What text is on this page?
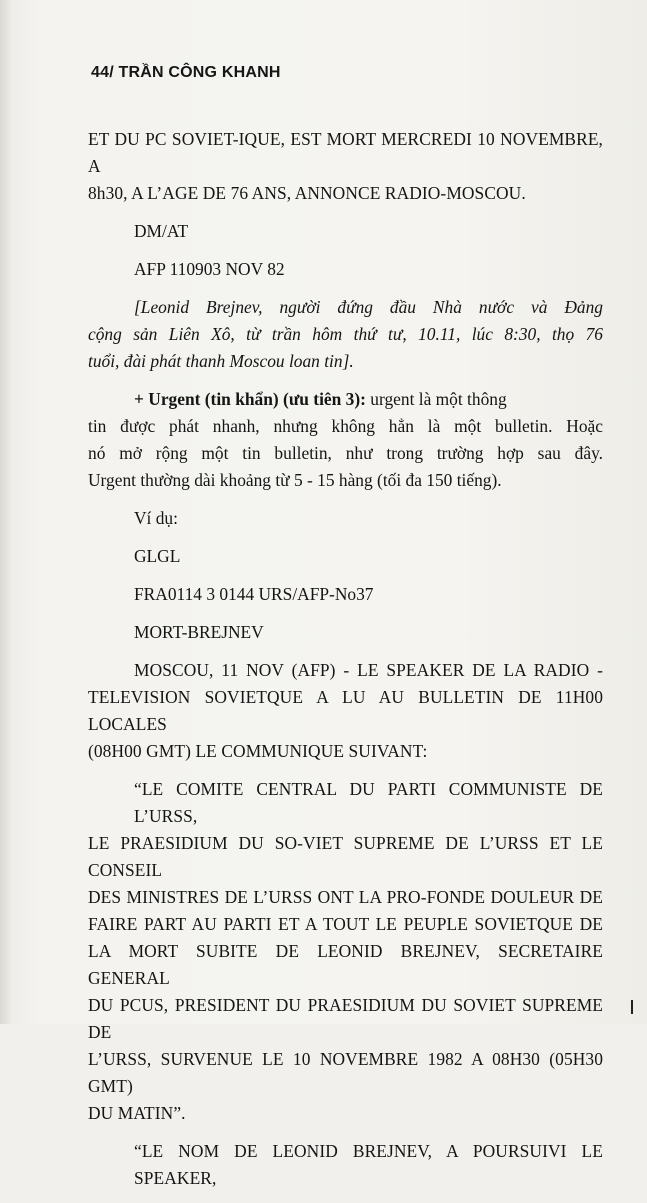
44/ TRẦN CÔNG KHANH

ET DU PC SOVIET-IQUE, EST MORT MERCREDI 10 NOVEMBRE, A
8h30, A L’AGE DE 76 ANS, ANNONCE RADIO-MOSCOU.

DM/AT

AFP 110903 NOV 82

[Leonid Brejnev, người đứng đầu Nhà nước và Đảng
cộng sản Liên Xô, từ trần hôm thứ tư, 10.11, lúc 8:30, thọ 76
tuổi, đài phát thanh Moscou loan tin].

+ Urgent (tin khẩn) (ưu tiên 3): urgent là một thông
tin được phát nhanh, nhưng không hẳn là một bulletin. Hoặc
nó mở rộng một tin bulletin, như trong trường hợp sau đây.
Urgent thường dài khoảng từ 5 - 15 hàng (tối đa 150 tiếng).

Ví dụ:

GLGL

FRA0114 3 0144 URS/AFP-No37

MORT-BREJNEV

MOSCOU, 11 NOV (AFP) - LE SPEAKER DE LA RADIO -
TELEVISION SOVIETQUE A LU AU BULLETIN DE 11H00 LOCALES
(08H00 GMT) LE COMMUNIQUE SUIVANT:

“LE COMITE CENTRAL DU PARTI COMMUNISTE DE L’URSS,
LE PRAESIDIUM DU SO-VIET SUPREME DE L’URSS ET LE CONSEIL
DES MINISTRES DE L’URSS ONT LA PRO-FONDE DOULEUR DE
FAIRE PART AU PARTI ET A TOUT LE PEUPLE SOVIETQUE DE
LA MORT SUBITE DE LEONID BREJNEV, SECRETAIRE GENERAL
DU PCUS, PRESIDENT DU PRAESIDIUM DU SOVIET SUPREME DE
L’URSS, SURVENUE LE 10 NOVEMBRE 1982 A 08H30 (05H30 GMT)
DU MATIN”.

“LE NOM DE LEONID BREJNEV, A POURSUIVI LE SPEAKER,
